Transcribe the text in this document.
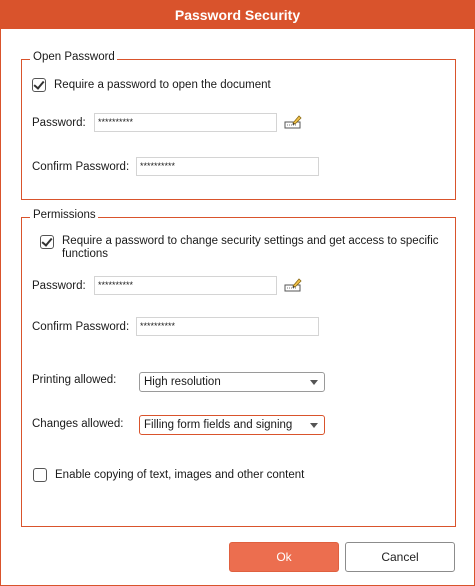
Password Security
Open Password
Require a password to open the document
Password:	**********
Confirm Password:	**********
Permissions
Require a password to change security settings and get access to specific
functions
Password:	**********
Confirm Password:	**********
Printing allowed:	High resolution
Changes allowed:	Filling form fields and signing
Enable copying of text, images and other content
Ok	Cancel
